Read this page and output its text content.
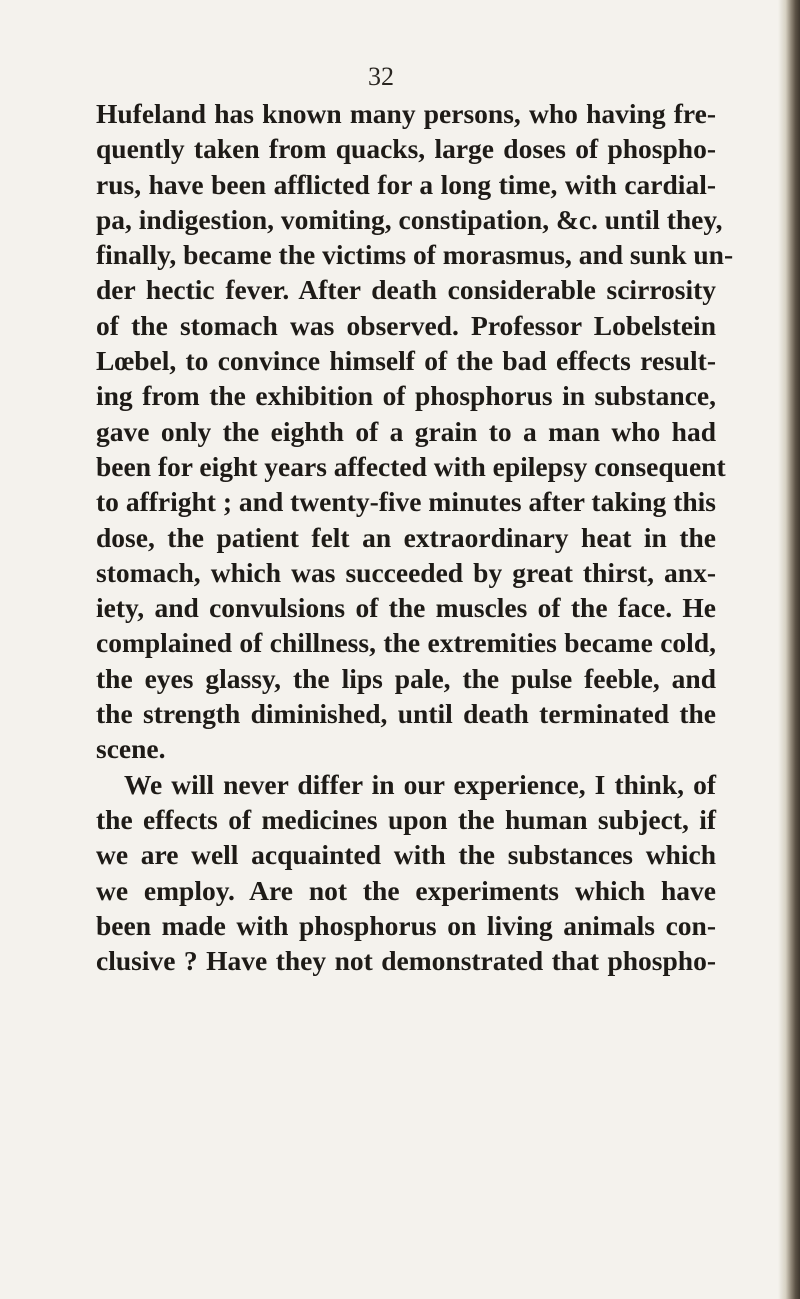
32
Hufeland has known many persons, who having fre-
quently taken from quacks, large doses of phospho-
rus, have been afflicted for a long time, with cardial-
pa, indigestion, vomiting, constipation, &c. until they,
finally, became the victims of morasmus, and sunk un-
der hectic fever. After death considerable scirrosity
of the stomach was observed. Professor Lobelstein
Lœbel, to convince himself of the bad effects result-
ing from the exhibition of phosphorus in substance,
gave only the eighth of a grain to a man who had
been for eight years affected with epilepsy consequent
to affright ; and twenty-five minutes after taking this
dose, the patient felt an extraordinary heat in the
stomach, which was succeeded by great thirst, anx-
iety, and convulsions of the muscles of the face. He
complained of chillness, the extremities became cold,
the eyes glassy, the lips pale, the pulse feeble, and
the strength diminished, until death terminated the
scene.
We will never differ in our experience, I think, of
the effects of medicines upon the human subject, if
we are well acquainted with the substances which
we employ. Are not the experiments which have
been made with phosphorus on living animals con-
clusive ? Have they not demonstrated that phospho-
